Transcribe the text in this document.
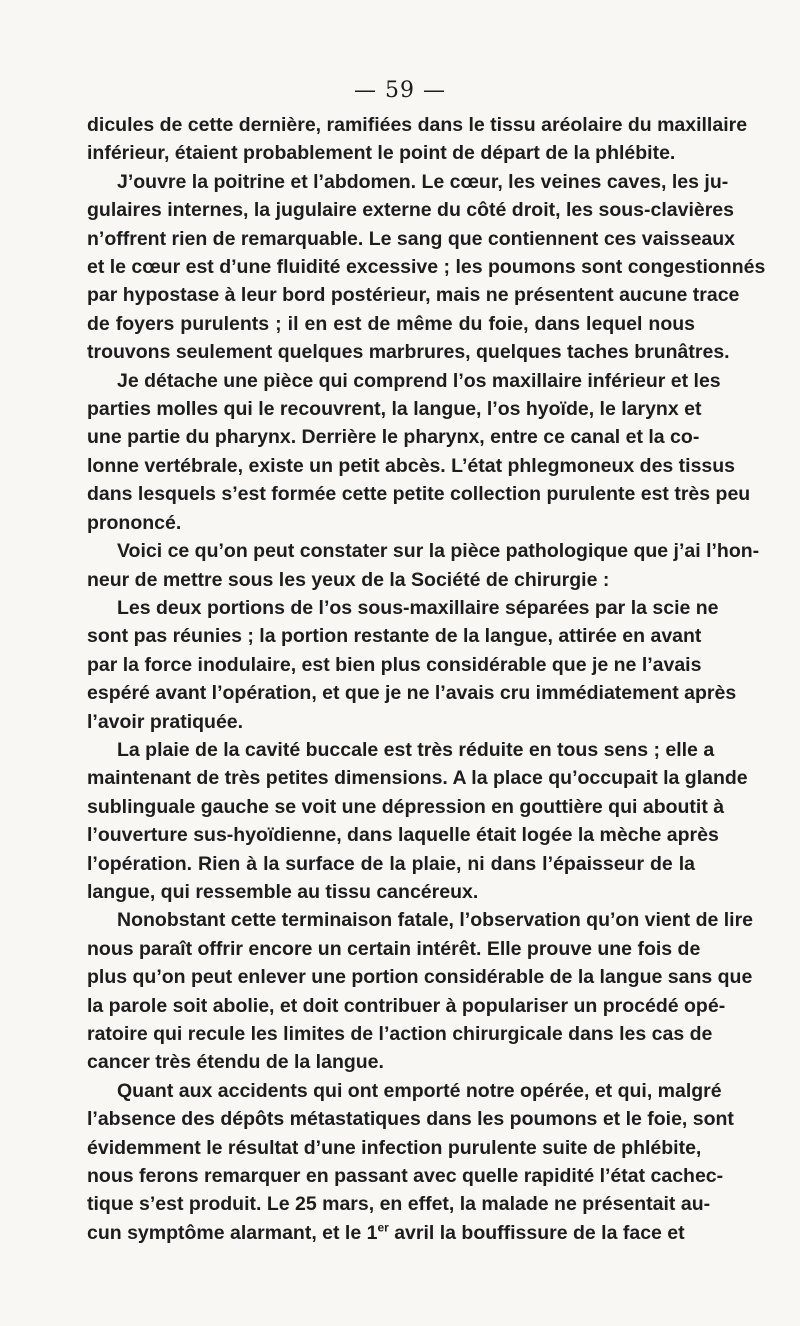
— 59 —

dicules de cette dernière, ramifiées dans le tissu aréolaire du maxillaire
inférieur, étaient probablement le point de départ de la phlébite.

J’ouvre la poitrine et l’abdomen. Le cœur, les veines caves, les ju-
gulaires internes, la jugulaire externe du côté droit, les sous-clavières
n’offrent rien de remarquable. Le sang que contiennent ces vaisseaux
et le cœur est d’une fluidité excessive ; les poumons sont congestionnés
par hypostase à leur bord postérieur, mais ne présentent aucune trace
de foyers purulents ; il en est de même du foie, dans lequel nous
trouvons seulement quelques marbrures, quelques taches brunâtres.

Je détache une pièce qui comprend l’os maxillaire inférieur et les
parties molles qui le recouvrent, la langue, l’os hyoïde, le larynx et
une partie du pharynx. Derrière le pharynx, entre ce canal et la co-
lonne vertébrale, existe un petit abcès. L’état phlegmoneux des tissus
dans lesquels s’est formée cette petite collection purulente est très peu
prononcé.

Voici ce qu’on peut constater sur la pièce pathologique que j’ai l’hon-
neur de mettre sous les yeux de la Société de chirurgie :

Les deux portions de l’os sous-maxillaire séparées par la scie ne
sont pas réunies ; la portion restante de la langue, attirée en avant
par la force inodulaire, est bien plus considérable que je ne l’avais
espéré avant l’opération, et que je ne l’avais cru immédiatement après
l’avoir pratiquée.

La plaie de la cavité buccale est très réduite en tous sens ; elle a
maintenant de très petites dimensions. A la place qu’occupait la glande
sublinguale gauche se voit une dépression en gouttière qui aboutit à
l’ouverture sus-hyoïdienne, dans laquelle était logée la mèche après
l’opération. Rien à la surface de la plaie, ni dans l’épaisseur de la
langue, qui ressemble au tissu cancéreux.

Nonobstant cette terminaison fatale, l’observation qu’on vient de lire
nous paraît offrir encore un certain intérêt. Elle prouve une fois de
plus qu’on peut enlever une portion considérable de la langue sans que
la parole soit abolie, et doit contribuer à populariser un procédé opé-
ratoire qui recule les limites de l’action chirurgicale dans les cas de
cancer très étendu de la langue.

Quant aux accidents qui ont emporté notre opérée, et qui, malgré
l’absence des dépôts métastatiques dans les poumons et le foie, sont
évidemment le résultat d’une infection purulente suite de phlébite,
nous ferons remarquer en passant avec quelle rapidité l’état cachec-
tique s’est produit. Le 25 mars, en effet, la malade ne présentait au-
cun symptôme alarmant, et le 1er avril la bouffissure de la face et
